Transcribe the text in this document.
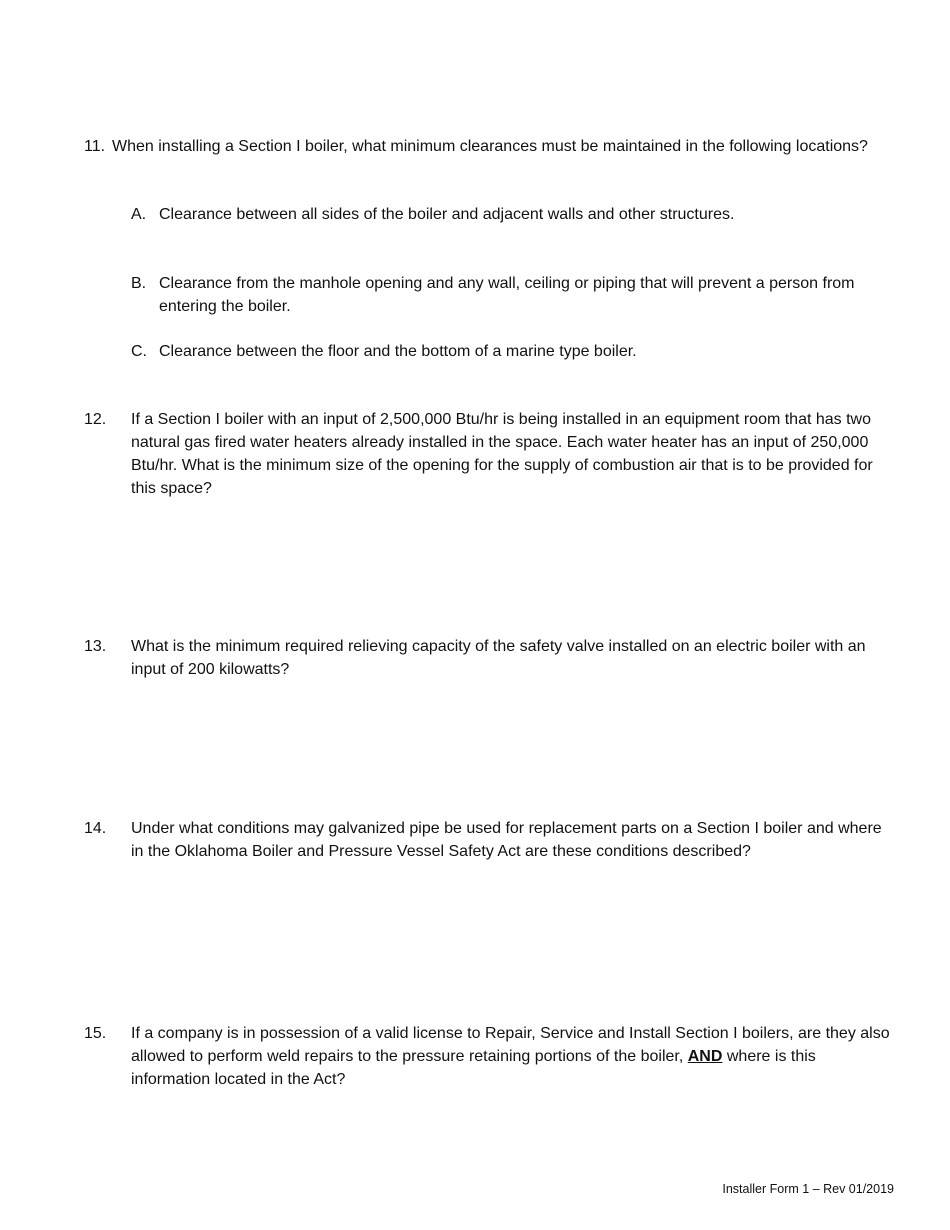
11. When installing a Section I boiler, what minimum clearances must be maintained in the following locations?
A. Clearance between all sides of the boiler and adjacent walls and other structures.
B. Clearance from the manhole opening and any wall, ceiling or piping that will prevent a person from entering the boiler.
C. Clearance between the floor and the bottom of a marine type boiler.
12. If a Section I boiler with an input of 2,500,000 Btu/hr is being installed in an equipment room that has two natural gas fired water heaters already installed in the space. Each water heater has an input of 250,000 Btu/hr. What is the minimum size of the opening for the supply of combustion air that is to be provided for this space?
13. What is the minimum required relieving capacity of the safety valve installed on an electric boiler with an input of 200 kilowatts?
14. Under what conditions may galvanized pipe be used for replacement parts on a Section I boiler and where in the Oklahoma Boiler and Pressure Vessel Safety Act are these conditions described?
15. If a company is in possession of a valid license to Repair, Service and Install Section I boilers, are they also allowed to perform weld repairs to the pressure retaining portions of the boiler, AND where is this information located in the Act?
Installer Form 1 – Rev 01/2019
